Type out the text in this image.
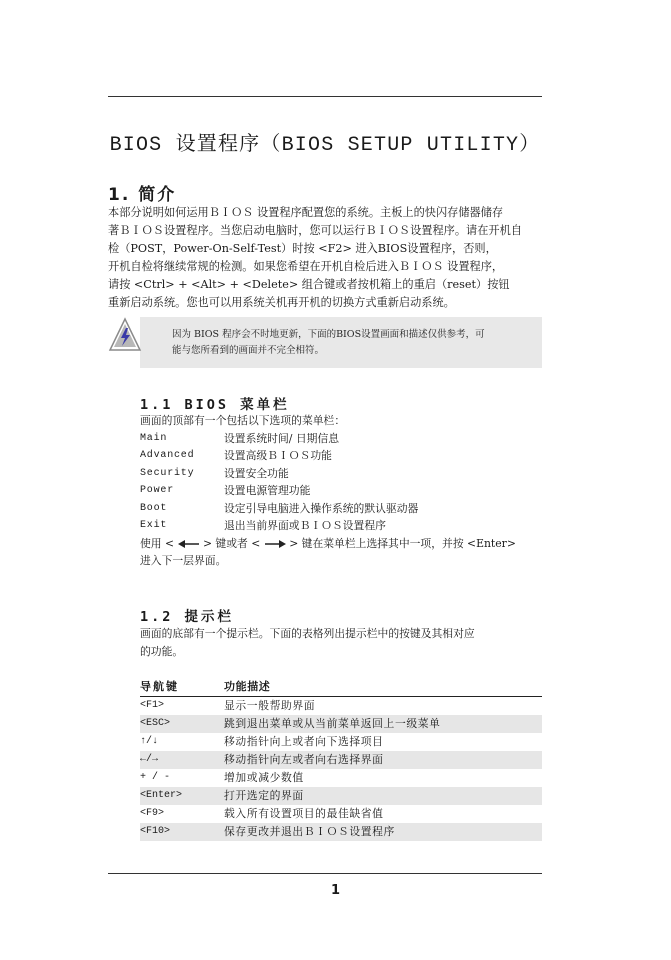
BIOS 设置程序（BIOS SETUP UTILITY）
1. 简介
本部分说明如何运用ＢＩＯＳ 设置程序配置您的系统。主板上的快闪存储器储存
著ＢＩＯＳ设置程序。当您启动电脑时，您可以运行ＢＩＯＳ设置程序。请在开机自
检（POST，Power-On-Self-Test）时按 <F2> 进入BIOS设置程序，否则，
开机自检将继续常规的检测。如果您希望在开机自检后进入ＢＩＯＳ 设置程序，
请按 <Ctrl> + <Alt> + <Delete> 组合键或者按机箱上的重启（reset）按钮
重新启动系统。您也可以用系统关机再开机的切换方式重新启动系统。
因为 BIOS 程序会不时地更新，下面的BIOS设置画面和描述仅供参考，可
能与您所看到的画面并不完全相符。
1.1 BIOS 菜单栏
画面的顶部有一个包括以下选项的菜单栏：
Main	设置系统时间/ 日期信息
Advanced	设置高级ＢＩＯＳ功能
Security	设置安全功能
Power	设置电源管理功能
Boot	设定引导电脑进入操作系统的默认驱动器
Exit	退出当前界面或ＢＩＯＳ设置程序
使用 <	> 键或者 <	> 键在菜单栏上选择其中一项，并按 <Enter>
进入下一层界面。
1.2 提示栏
画面的底部有一个提示栏。下面的表格列出提示栏中的按键及其相对应
的功能。
导航键	功能描述
<F1>	显示一般帮助界面
<ESC>	跳到退出菜单或从当前菜单返回上一级菜单
↑/↓	移动指针向上或者向下选择项目
←/→	移动指针向左或者向右选择界面
+ / -	增加或减少数值
<Enter>	打开选定的界面
<F9>	载入所有设置项目的最佳缺省值
<F10>	保存更改并退出ＢＩＯＳ设置程序
1
